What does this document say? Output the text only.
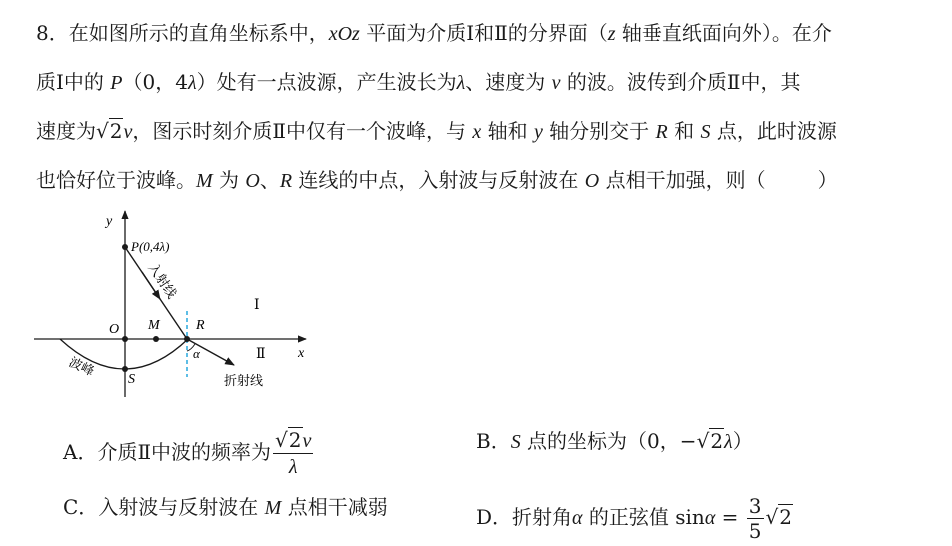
8．在如图所示的直角坐标系中，xOz 平面为介质Ⅰ和Ⅱ的分界面（z 轴垂直纸面向外）。在介
质Ⅰ中的 P（0，4λ）处有一点波源，产生波长为λ、速度为 v 的波。波传到介质Ⅱ中，其
速度为√2v，图示时刻介质Ⅱ中仅有一个波峰，与 x 轴和 y 轴分别交于 R 和 S 点，此时波源
也恰好位于波峰。M 为 O、R 连线的中点，入射波与反射波在 O 点相干加强，则（	）
y
x
P(0,4λ)
入射线
O M	R
Ⅰ
Ⅱ
α
波峰
S	折射线
A．介质Ⅱ中波的频率为 $\frac{√2v}{\lambda}$	B．S 点的坐标为（0，−√2λ）
C．入射波与反射波在 M 点相干减弱	D．折射角α 的正弦值 $\sin\alpha = \frac{3}{5} √2$
